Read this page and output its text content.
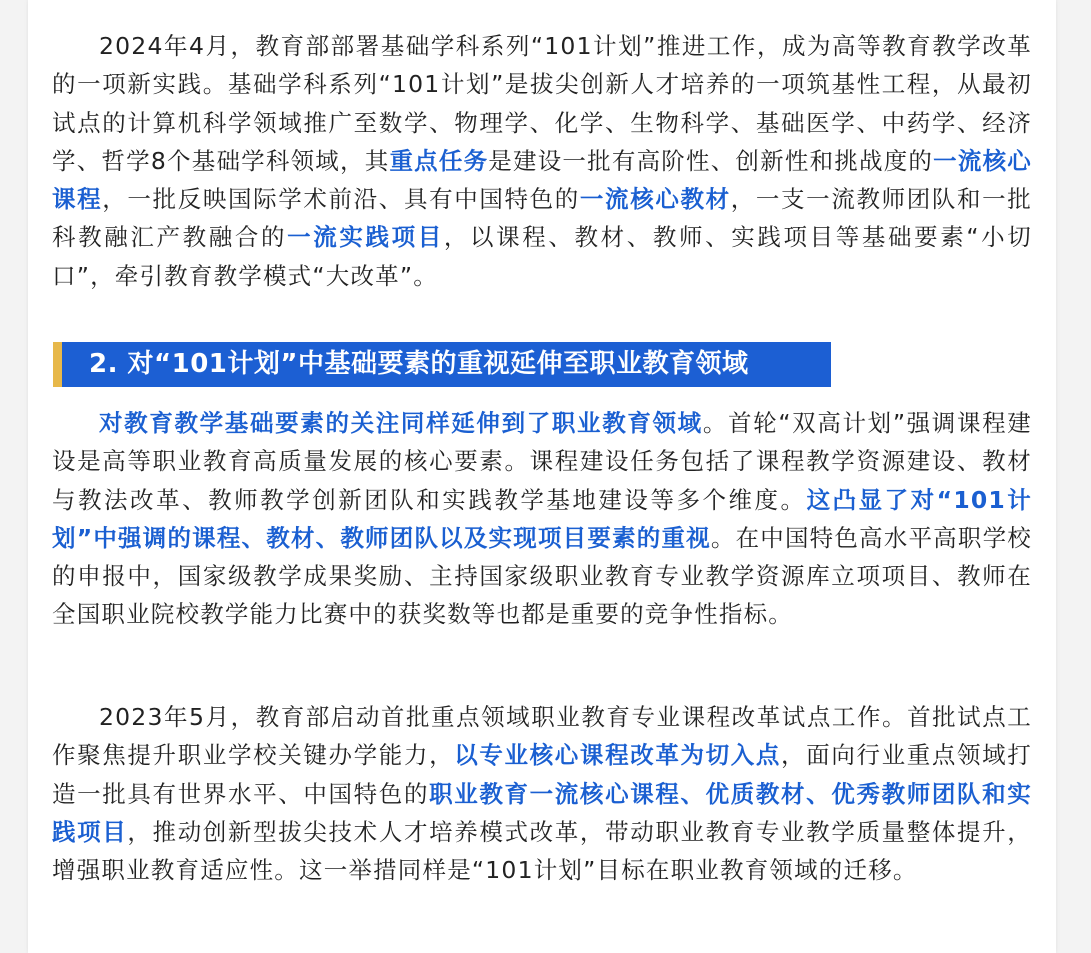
2024年4月，教育部部署基础学科系列“101计划”推进工作，成为高等教育教学改革的一项新实践。基础学科系列“101计划”是拔尖创新人才培养的一项筑基性工程，从最初试点的计算机科学领域推广至数学、物理学、化学、生物科学、基础医学、中药学、经济学、哲学8个基础学科领域，其重点任务是建设一批有高阶性、创新性和挑战度的一流核心课程，一批反映国际学术前沿、具有中国特色的一流核心教材，一支一流教师团队和一批科教融汇产教融合的一流实践项目，以课程、教材、教师、实践项目等基础要素“小切口”，牵引教育教学模式“大改革”。

2. 对“101计划”中基础要素的重视延伸至职业教育领域

对教育教学基础要素的关注同样延伸到了职业教育领域。首轮“双高计划”强调课程建设是高等职业教育高质量发展的核心要素。课程建设任务包括了课程教学资源建设、教材与教法改革、教师教学创新团队和实践教学基地建设等多个维度。这凸显了对“101计划”中强调的课程、教材、教师团队以及实现项目要素的重视。在中国特色高水平高职学校的申报中，国家级教学成果奖励、主持国家级职业教育专业教学资源库立项项目、教师在全国职业院校教学能力比赛中的获奖数等也都是重要的竞争性指标。

2023年5月，教育部启动首批重点领域职业教育专业课程改革试点工作。首批试点工作聚焦提升职业学校关键办学能力，以专业核心课程改革为切入点，面向行业重点领域打造一批具有世界水平、中国特色的职业教育一流核心课程、优质教材、优秀教师团队和实践项目，推动创新型拔尖技术人才培养模式改革，带动职业教育专业教学质量整体提升，增强职业教育适应性。这一举措同样是“101计划”目标在职业教育领域的迁移。
